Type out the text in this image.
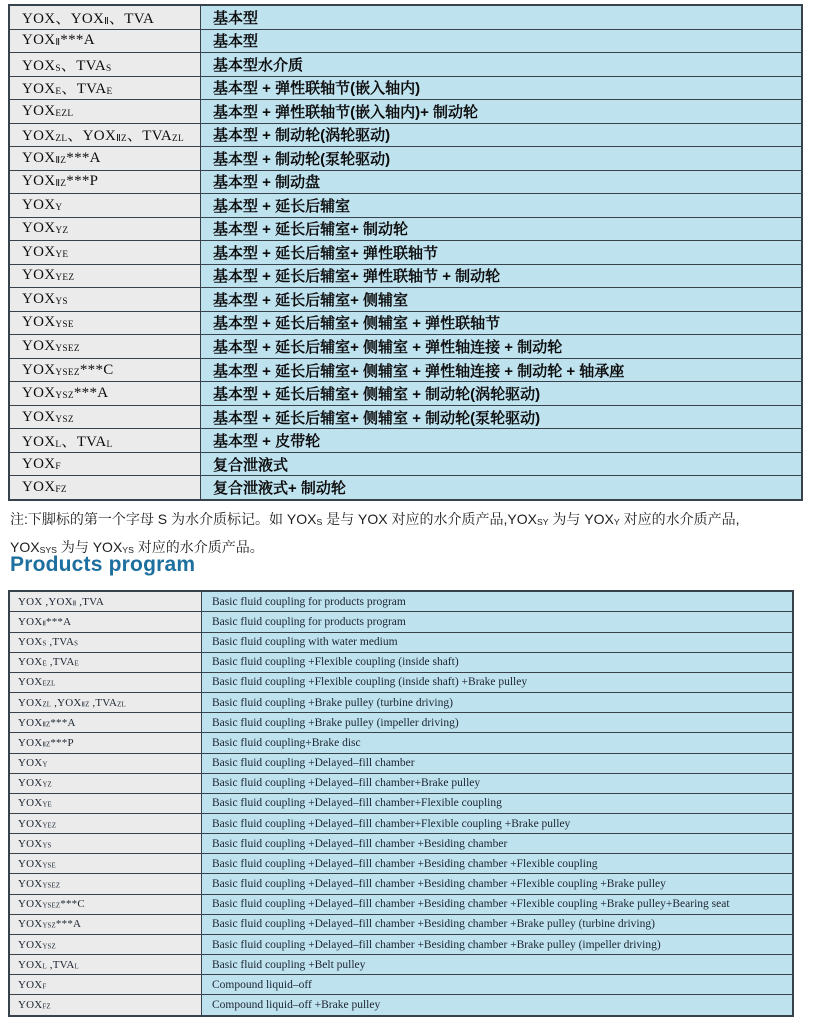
YOX、YOXⅡ、TVA	基本型
YOXⅡ***A	基本型
YOXS、TVAS	基本型水介质
YOXE、TVAE	基本型 + 弹性联轴节(嵌入轴内)
YOXEZL	基本型 + 弹性联轴节(嵌入轴内)+ 制动轮
YOXZL、YOXⅡZ、TVAZL	基本型 + 制动轮(涡轮驱动)
YOXⅡZ***A	基本型 + 制动轮(泵轮驱动)
YOXⅡZ***P	基本型 + 制动盘
YOXY	基本型 + 延长后辅室
YOXYZ	基本型 + 延长后辅室+ 制动轮
YOXYE	基本型 + 延长后辅室+ 弹性联轴节
YOXYEZ	基本型 + 延长后辅室+ 弹性联轴节 + 制动轮
YOXYS	基本型 + 延长后辅室+ 侧辅室
YOXYSE	基本型 + 延长后辅室+ 侧辅室 + 弹性联轴节
YOXYSEZ	基本型 + 延长后辅室+ 侧辅室 + 弹性轴连接 + 制动轮
YOXYSEZ***C	基本型 + 延长后辅室+ 侧辅室 + 弹性轴连接 + 制动轮 + 轴承座
YOXYSZ***A	基本型 + 延长后辅室+ 侧辅室 + 制动轮(涡轮驱动)
YOXYSZ	基本型 + 延长后辅室+ 侧辅室 + 制动轮(泵轮驱动)
YOXL、TVAL	基本型 + 皮带轮
YOXF	复合泄液式
YOXFZ	复合泄液式+ 制动轮
注:下脚标的第一个字母 S 为水介质标记。如 YOXS 是与 YOX 对应的水介质产品,YOXSY 为与 YOXY 对应的水介质产品,
YOXSYS 为与 YOXYS 对应的水介质产品。
Products program
YOX ,YOXⅡ ,TVA	Basic fluid coupling for products program
YOXⅡ***A	Basic fluid coupling for products program
YOXS ,TVAS	Basic fluid coupling with water medium
YOXE ,TVAE	Basic fluid coupling +Flexible coupling (inside shaft)
YOXEZL	Basic fluid coupling +Flexible coupling (inside shaft) +Brake pulley
YOXZL ,YOXⅡZ ,TVAZL	Basic fluid coupling +Brake pulley (turbine driving)
YOXⅡZ***A	Basic fluid coupling +Brake pulley (impeller driving)
YOXⅡZ***P	Basic fluid coupling+Brake disc
YOXY	Basic fluid coupling +Delayed–fill chamber
YOXYZ	Basic fluid coupling +Delayed–fill chamber+Brake pulley
YOXYE	Basic fluid coupling +Delayed–fill chamber+Flexible coupling
YOXYEZ	Basic fluid coupling +Delayed–fill chamber+Flexible coupling +Brake pulley
YOXYS	Basic fluid coupling +Delayed–fill chamber +Besiding chamber
YOXYSE	Basic fluid coupling +Delayed–fill chamber +Besiding chamber +Flexible coupling
YOXYSEZ	Basic fluid coupling +Delayed–fill chamber +Besiding chamber +Flexible coupling +Brake pulley
YOXYSEZ***C	Basic fluid coupling +Delayed–fill chamber +Besiding chamber +Flexible coupling +Brake pulley+Bearing seat
YOXYSZ***A	Basic fluid coupling +Delayed–fill chamber +Besiding chamber +Brake pulley (turbine driving)
YOXYSZ	Basic fluid coupling +Delayed–fill chamber +Besiding chamber +Brake pulley (impeller driving)
YOXL ,TVAL	Basic fluid coupling +Belt pulley
YOXF	Compound liquid–off
YOXFZ	Compound liquid–off +Brake pulley
